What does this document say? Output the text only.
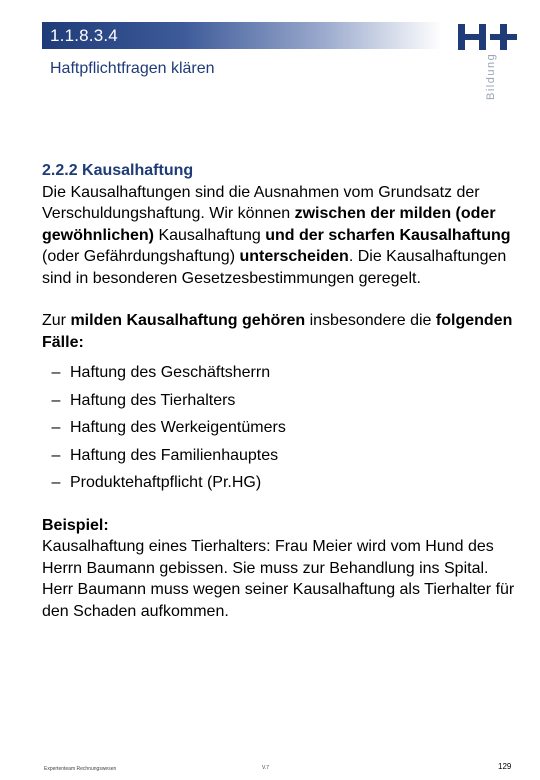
1.1.8.3.4
Haftpflichtfragen klären	Bildung

2.2.2 Kausalhaftung

Die Kausalhaftungen sind die Ausnahmen vom Grundsatz der Verschuldungshaftung. Wir können zwischen der milden (oder gewöhnlichen) Kausalhaftung und der scharfen Kausalhaftung (oder Gefährdungshaftung) unterscheiden. Die Kausalhaftungen sind in besonderen Gesetzesbestimmungen geregelt.

Zur milden Kausalhaftung gehören insbesondere die folgenden Fälle:

– Haftung des Geschäftsherrn
– Haftung des Tierhalters
– Haftung des Werkeigentümers
– Haftung des Familienhauptes
– Produktehaftpflicht (Pr.HG)

Beispiel:

Kausalhaftung eines Tierhalters: Frau Meier wird vom Hund des Herrn Baumann gebissen. Sie muss zur Behandlung ins Spital. Herr Baumann muss wegen seiner Kausalhaftung als Tierhalter für den Schaden aufkommen.

Expertenteam Rechnungswesen	V.7	129
